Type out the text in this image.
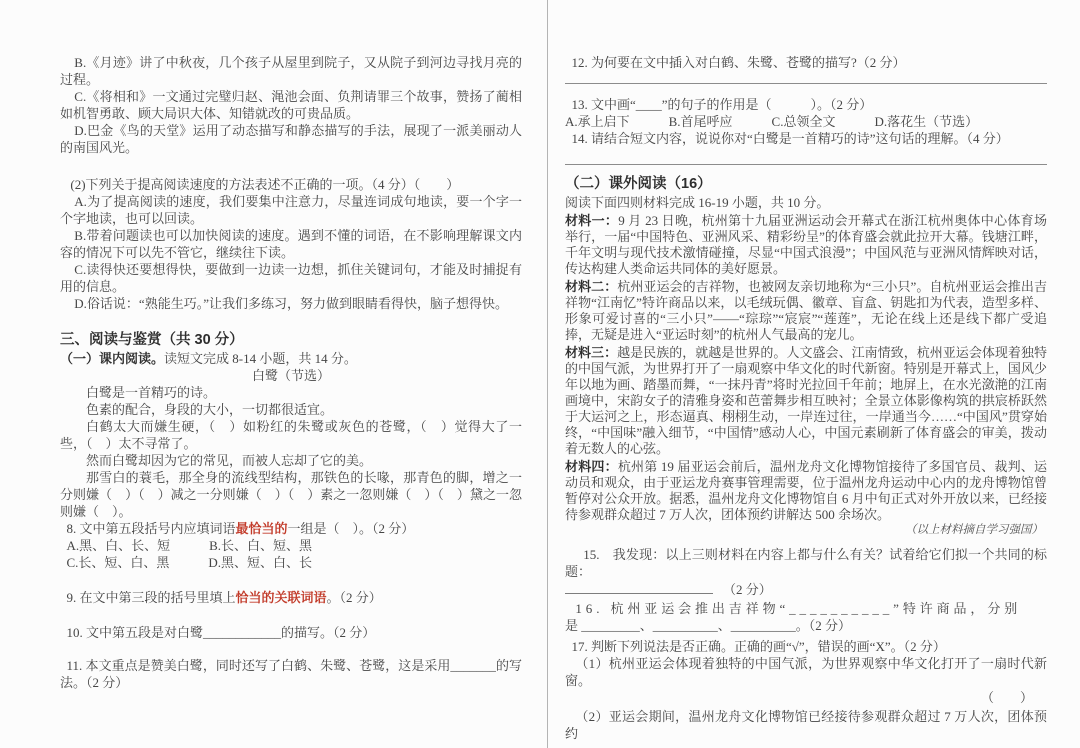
B.《月迹》讲了中秋夜，几个孩子从屋里到院子，又从院子到河边寻找月亮的过程。

C.《将相和》一文通过完璧归赵、渑池会面、负荆请罪三个故事，赞扬了蔺相如机智勇敢、顾大局识大体、知错就改的可贵品质。

D.巴金《鸟的天堂》运用了动态描写和静态描写的手法，展现了一派美丽动人的南国风光。

(2)下列关于提高阅读速度的方法表述不正确的一项。（4 分）（　　）

A.为了提高阅读的速度，我们要集中注意力，尽量连词成句地读，要一个字一个字地读，也可以回读。

B.带着问题读也可以加快阅读的速度。遇到不懂的词语，在不影响理解课文内容的情况下可以先不管它，继续往下读。

C.读得快还要想得快，要做到一边读一边想，抓住关键词句，才能及时捕捉有用的信息。

D.俗话说：“熟能生巧。”让我们多练习，努力做到眼睛看得快，脑子想得快。

三、阅读与鉴赏（共 30 分）

（一）课内阅读。读短文完成 8-14 小题，共 14 分。

白鹭（节选）

白鹭是一首精巧的诗。

色素的配合，身段的大小，一切都很适宜。

白鹤太大而嫌生硬，（　）如粉红的朱鹭或灰色的苍鹭，（　）觉得大了一些，（　）太不寻常了。

然而白鹭却因为它的常见，而被人忘却了它的美。

那雪白的蓑毛，那全身的流线型结构，那铁色的长喙，那青色的脚，增之一分则嫌（　）（　）减之一分则嫌（　）（　）素之一忽则嫌（　）（　）黛之一忽则嫌（　）。

8. 文中第五段括号内应填词语最恰当的一组是（　）。（2 分）

A.黑、白、长、短　　　B.长、白、短、黑

C.长、短、白、黑　　　D.黑、短、白、长

9. 在文中第三段的括号里填上恰当的关联词语。（2 分）

10. 文中第五段是对白鹭____________的描写。（2 分）

11. 本文重点是赞美白鹭，同时还写了白鹤、朱鹭、苍鹭，这是采用_______的写法。（2 分）

12. 为何要在文中插入对白鹤、朱鹭、苍鹭的描写?（2 分）

13. 文中画“____”的句子的作用是（　　　）。（2 分）

A.承上启下　　　B.首尾呼应　　　C.总领全文　　　D.落花生（节选）

14. 请结合短文内容，说说你对“白鹭是一首精巧的诗”这句话的理解。（4 分）

（二）课外阅读（16）

阅读下面四则材料完成 16-19 小题，共 10 分。

材料一：9 月 23 日晚，杭州第十九届亚洲运动会开幕式在浙江杭州奥体中心体育场举行，一届“中国特色、亚洲风采、精彩纷呈”的体育盛会就此拉开大幕。钱塘江畔，千年文明与现代技术激情碰撞，尽显“中国式浪漫”；中国风范与亚洲风情辉映对话，传达构建人类命运共同体的美好愿景。

材料二：杭州亚运会的吉祥物，也被网友亲切地称为“三小只”。自杭州亚运会推出吉祥物“江南忆”特许商品以来，以毛绒玩偶、徽章、盲盒、钥匙扣为代表，造型多样、形象可爱讨喜的“三小只”——“琮琮”“宸宸”“莲莲”，无论在线上还是线下都广受追捧，无疑是进入“亚运时刻”的杭州人气最高的宠儿。

材料三：越是民族的，就越是世界的。人文盛会、江南情致，杭州亚运会体现着独特的中国气派，为世界打开了一扇观察中华文化的时代新窗。特别是开幕式上，国风少年以地为画、踏墨而舞，“一抹丹青”将时光拉回千年前；地屏上，在水光潋滟的江南画境中，宋韵女子的清雅身姿和芭蕾舞步相互映衬；全景立体影像构筑的拱宸桥跃然于大运河之上，形态逼真、栩栩生动，一岸连过往，一岸通当今……“中国风”贯穿始终，“中国味”融入细节，“中国情”感动人心，中国元素刷新了体育盛会的审美，拨动着无数人的心弦。

材料四：杭州第 19 届亚运会前后，温州龙舟文化博物馆接待了多国官员、裁判、运动员和观众，由于亚运龙舟赛事管理需要，位于温州龙舟运动中心内的龙舟博物馆曾暂停对公众开放。据悉，温州龙舟文化博物馆自 6 月中旬正式对外开放以来，已经接待参观群众超过 7 万人次，团体预约讲解达 500 余场次。

（以上材料摘自学习强国）

15.　我发现：以上三则材料在内容上都与什么有关？试着给它们拟一个共同的标题：

（2 分）

16. 杭州亚运会推出吉祥物“__________”特许商品，分别

是 _________、__________、__________。（2 分）

17. 判断下列说法是否正确。正确的画“√”，错误的画“X”。（2 分）

（1）杭州亚运会体现着独特的中国气派，为世界观察中华文化打开了一扇时代新窗。

（　　）

（2）亚运会期间，温州龙舟文化博物馆已经接待参观群众超过 7 万人次，团体预约
